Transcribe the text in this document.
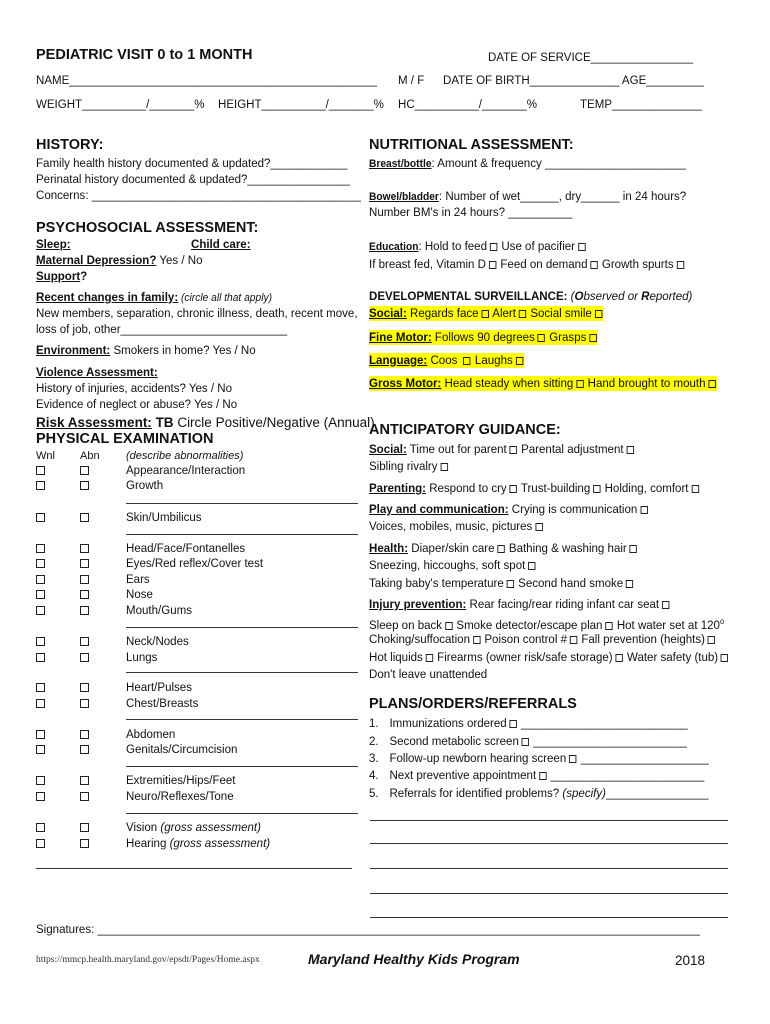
PEDIATRIC VISIT 0 to 1 MONTH	DATE OF SERVICE________________
NAME________________________________________________ M / F DATE OF BIRTH______________ AGE_________
WEIGHT__________/_______% HEIGHT__________/_______% HC__________/_______%	TEMP______________
HISTORY:
Family health history documented & updated?____________
Perinatal history documented & updated?________________
Concerns: __________________________________________
PSYCHOSOCIAL ASSESSMENT:
Sleep:	Child care:
Maternal Depression? Yes / No
Support?
Recent changes in family: (circle all that apply)
New members, separation, chronic illness, death, recent move,
loss of job, other__________________________
Environment: Smokers in home? Yes / No
Violence Assessment:
History of injuries, accidents? Yes / No
Evidence of neglect or abuse? Yes / No
Risk Assessment: TB Circle Positive/Negative (Annual)
PHYSICAL EXAMINATION
Wnl Abn (describe abnormalities)
Appearance/Interaction
Growth
Skin/Umbilicus
Head/Face/Fontanelles
Eyes/Red reflex/Cover test
Ears
Nose
Mouth/Gums
Neck/Nodes
Lungs
Heart/Pulses
Chest/Breasts
Abdomen
Genitals/Circumcision
Extremities/Hips/Feet
Neuro/Reflexes/Tone
Vision (gross assessment)
Hearing (gross assessment)
NUTRITIONAL ASSESSMENT:
Breast/bottle: Amount & frequency ______________________
Bowel/bladder: Number of wet______, dry______ in 24 hours?
Number BM's in 24 hours? __________
Education: Hold to feed Use of pacifier
If breast fed, Vitamin D Feed on demand Growth spurts
DEVELOPMENTAL SURVEILLANCE: (Observed or Reported)
Social: Regards face Alert Social smile
Fine Motor: Follows 90 degrees Grasps
Language: Coos  Laughs
Gross Motor: Head steady when sitting Hand brought to mouth
ANTICIPATORY GUIDANCE:
Social: Time out for parent Parental adjustment
Sibling rivalry
Parenting: Respond to cry Trust-building Holding, comfort
Play and communication: Crying is communication
Voices, mobiles, music, pictures
Health: Diaper/skin care Bathing & washing hair
Sneezing, hiccoughs, soft spot
Taking baby's temperature Second hand smoke
Injury prevention: Rear facing/rear riding infant car seat
Sleep on back Smoke detector/escape plan Hot water set at 120$^o$
Choking/suffocation Poison control # Fall prevention (heights)
Hot liquids Firearms (owner risk/safe storage) Water safety (tub)
Don't leave unattended
PLANS/ORDERS/REFERRALS
1. Immunizations ordered __________________________
2. Second metabolic screen ________________________
3. Follow-up newborn hearing screen ____________________
4. Next preventive appointment ________________________
5. Referrals for identified problems? (specify)________________
Signatures: ______________________________________________________________________________________________
https://mmcp.health.maryland.gov/epsdt/Pages/Home.aspx	Maryland Healthy Kids Program	2018
